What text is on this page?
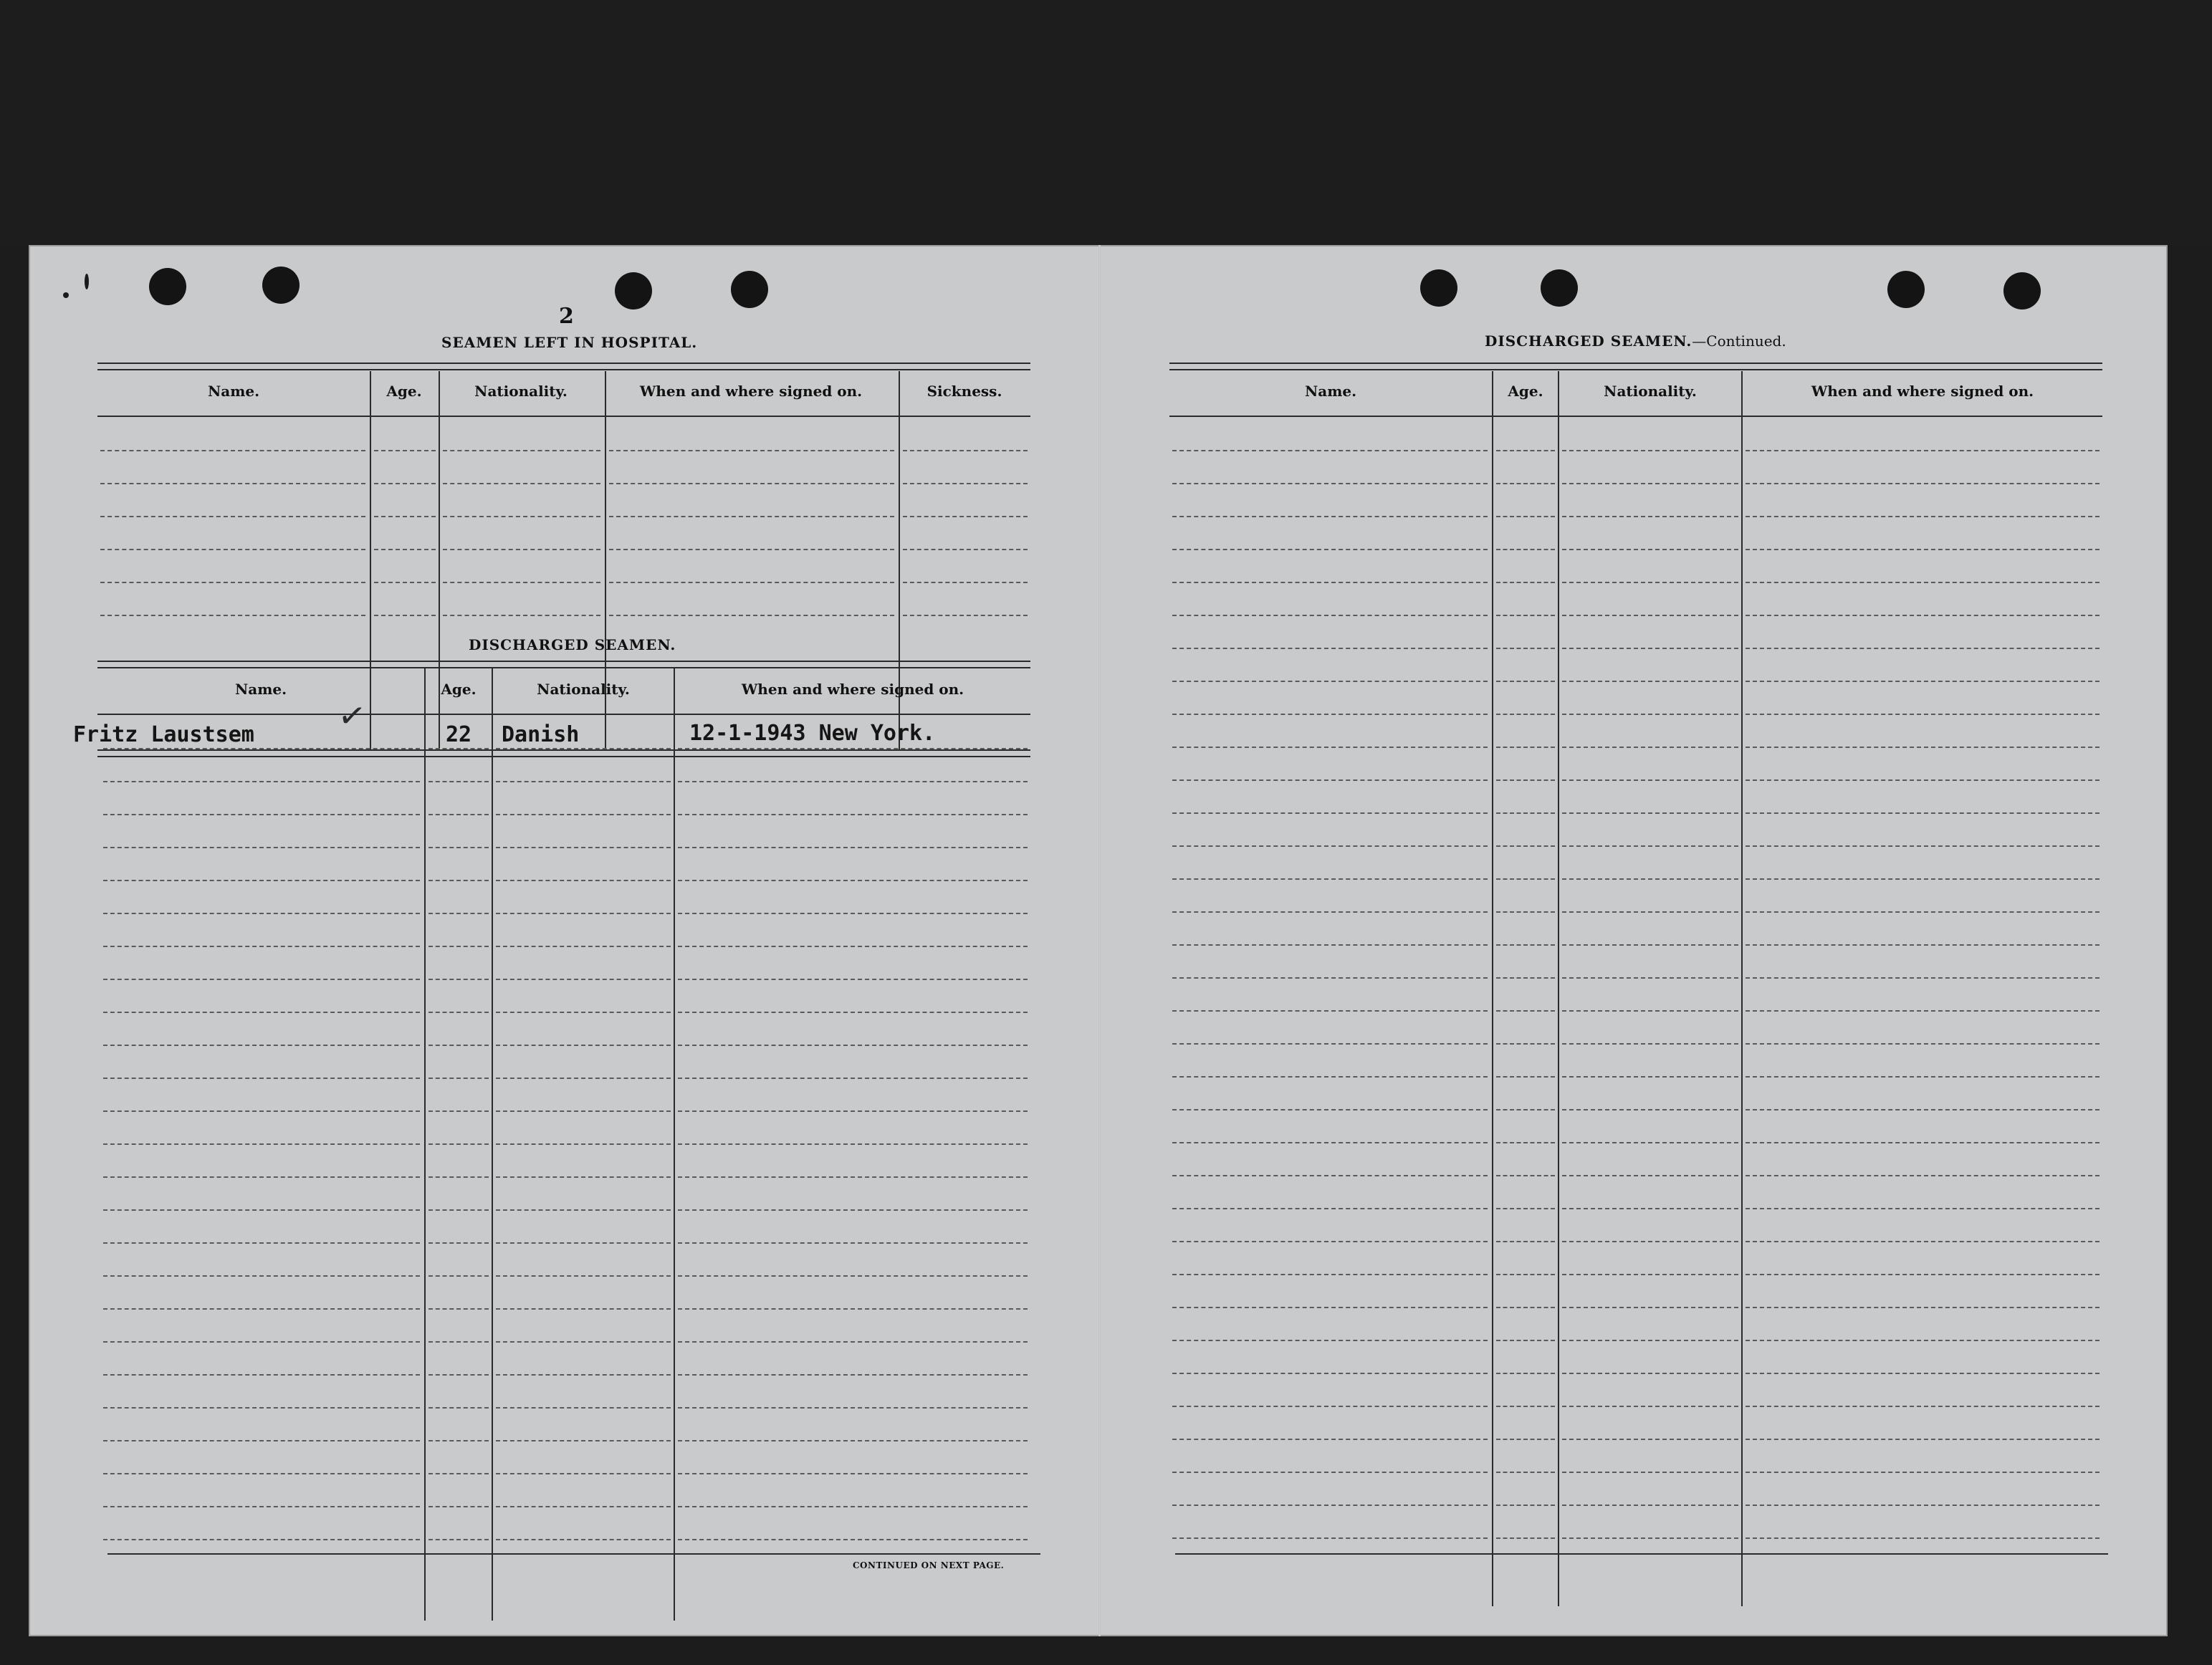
2
SEAMEN LEFT IN HOSPITAL.
Name.	Age.	Nationality.	When and where signed on.	Sickness.
DISCHARGED SEAMEN.
Name.	Age.	Nationality.	When and where signed on.
Fritz Laustsem ✓	22 Danish	12-1-1943 New York.
CONTINUED ON NEXT PAGE.
DISCHARGED SEAMEN.—Continued.
Name.	Age.	Nationality.	When and where signed on.
